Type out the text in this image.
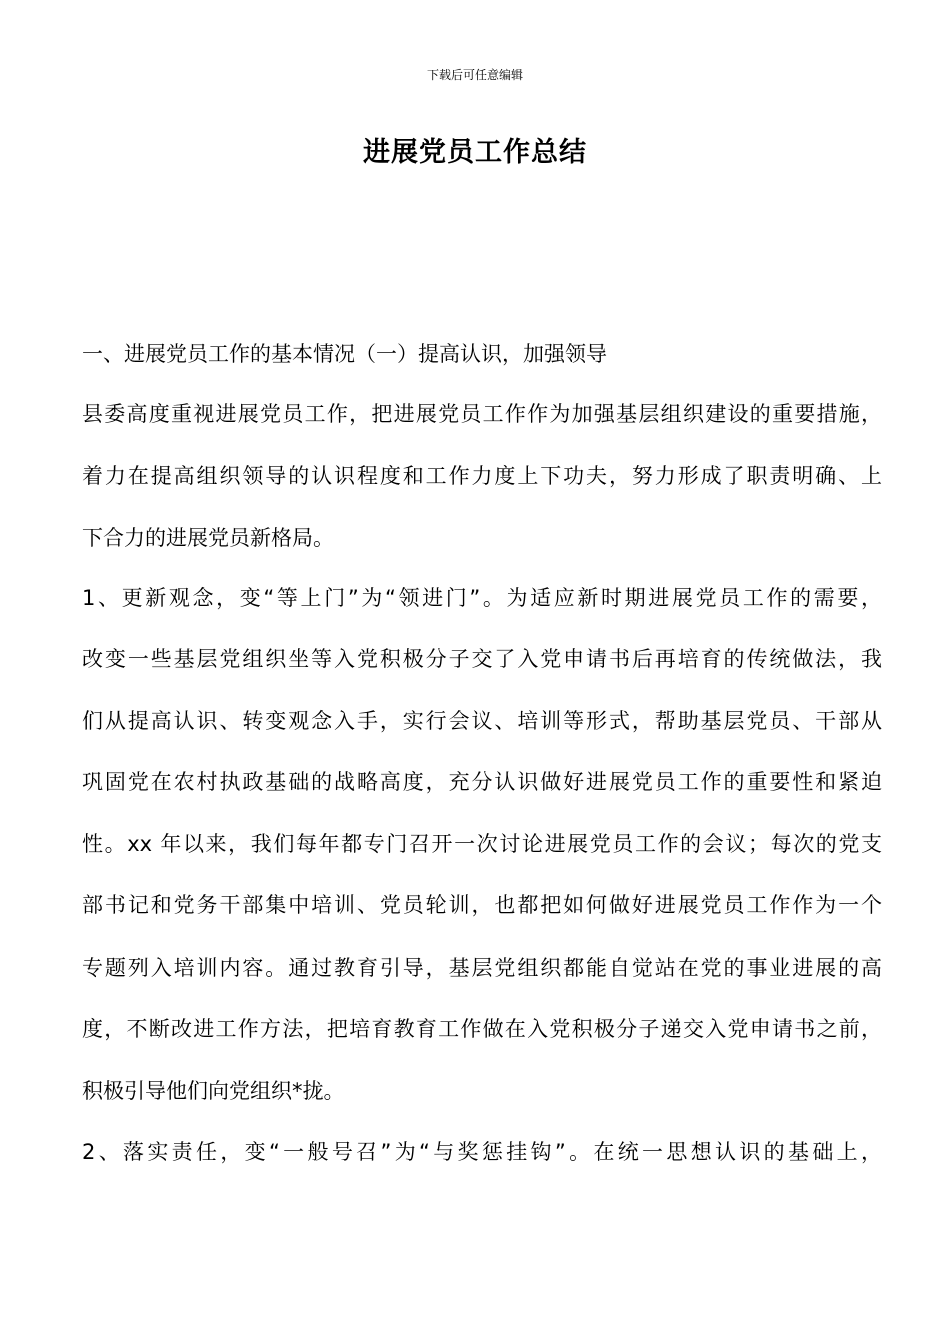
下载后可任意编辑
进展党员工作总结
一、进展党员工作的基本情况（一）提高认识，加强领导
县委高度重视进展党员工作，把进展党员工作作为加强基层组织建设的重要措施，
着力在提高组织领导的认识程度和工作力度上下功夫，努力形成了职责明确、上
下合力的进展党员新格局。
1、更新观念，变“等上门”为“领进门”。为适应新时期进展党员工作的需要，
改变一些基层党组织坐等入党积极分子交了入党申请书后再培育的传统做法，我
们从提高认识、转变观念入手，实行会议、培训等形式，帮助基层党员、干部从
巩固党在农村执政基础的战略高度，充分认识做好进展党员工作的重要性和紧迫
性。xx 年以来，我们每年都专门召开一次讨论进展党员工作的会议；每次的党支
部书记和党务干部集中培训、党员轮训，也都把如何做好进展党员工作作为一个
专题列入培训内容。通过教育引导，基层党组织都能自觉站在党的事业进展的高
度，不断改进工作方法，把培育教育工作做在入党积极分子递交入党申请书之前，
积极引导他们向党组织*拢。
2、落实责任，变“一般号召”为“与奖惩挂钩”。在统一思想认识的基础上，
